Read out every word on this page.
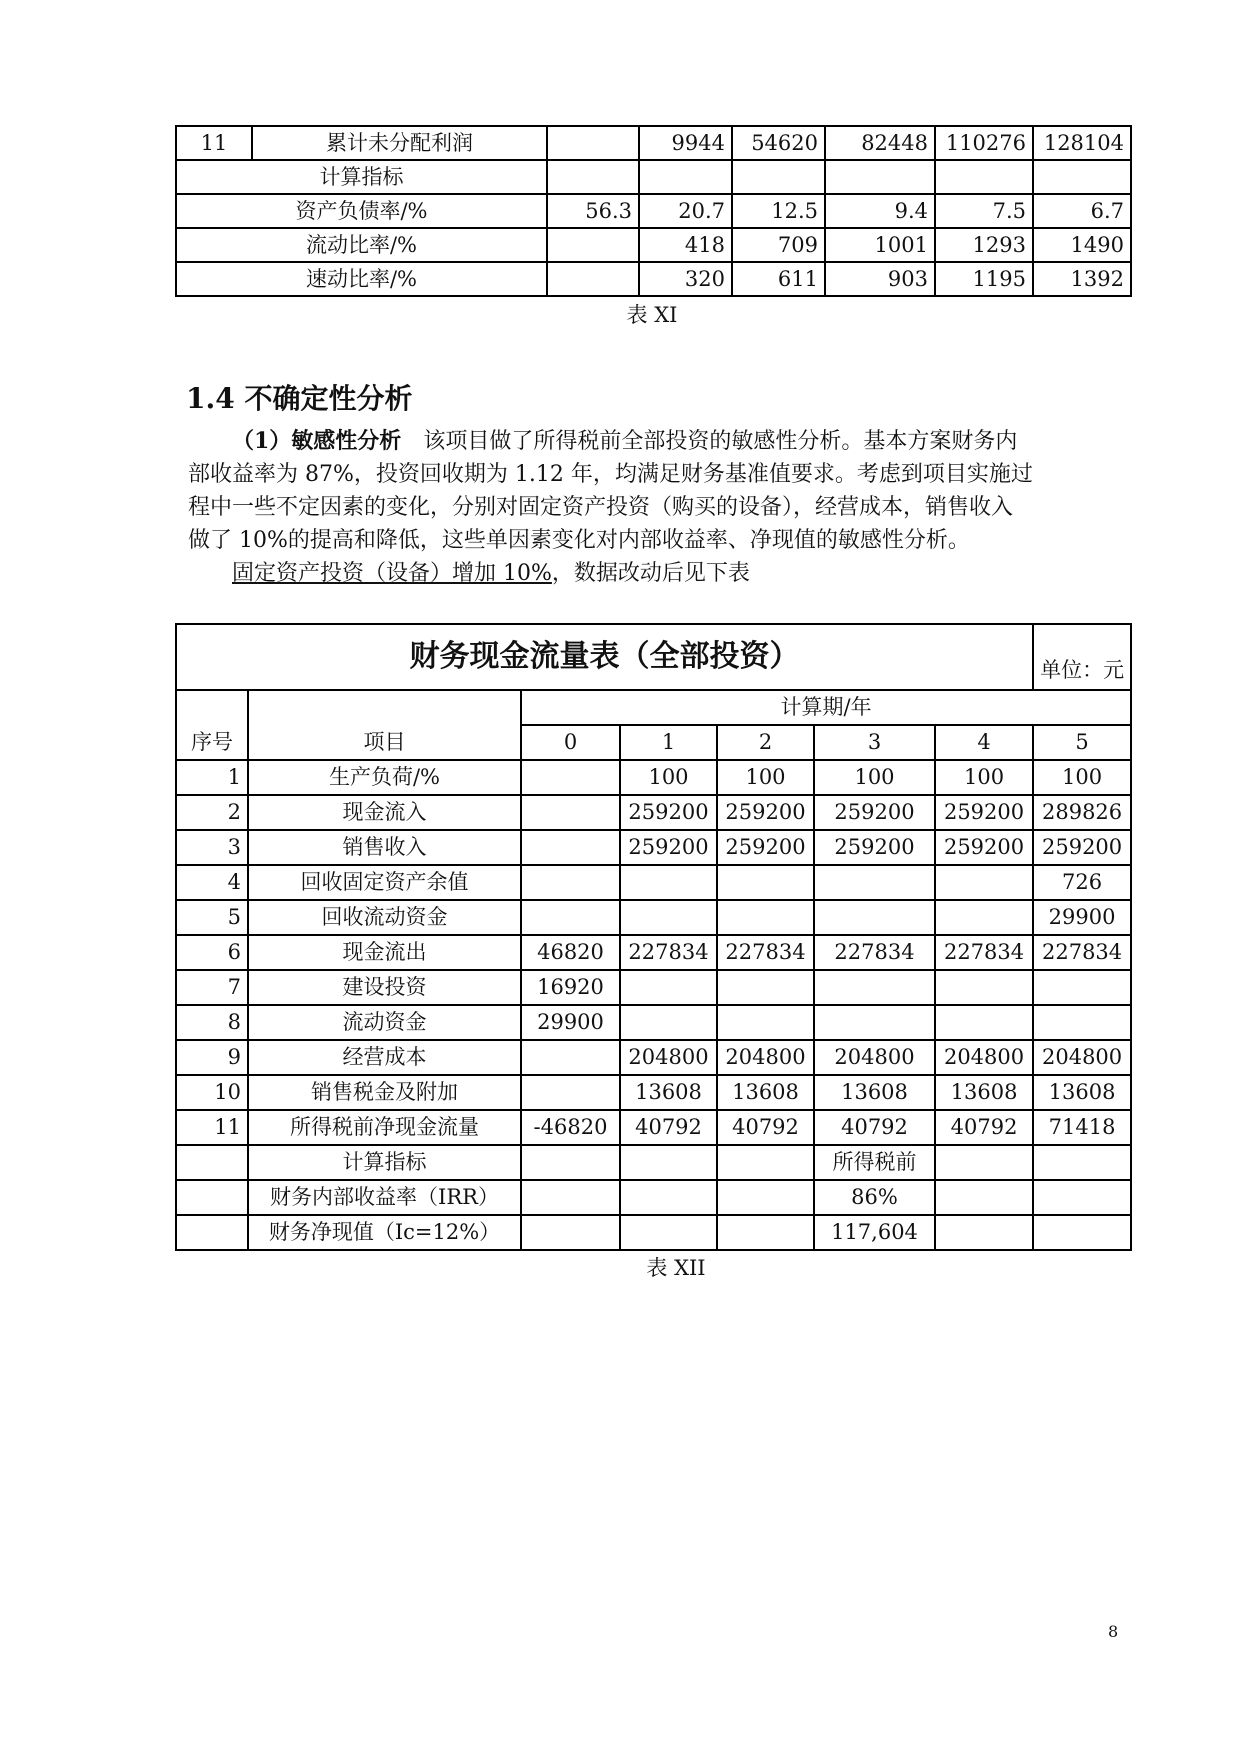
11	累计未分配利润		9944	54620	82448	110276	128104
计算指标							
资产负债率/%		56.3	20.7	12.5	9.4	7.5	6.7
流动比率/%			418	709	1001	1293	1490
速动比率/%			320	611	903	1195	1392
表 XI
1.4 不确定性分析

（1）敏感性分析　该项目做了所得税前全部投资的敏感性分析。基本方案财务内

部收益率为 87%，投资回收期为 1.12 年，均满足财务基准值要求。考虑到项目实施过

程中一些不定因素的变化，分别对固定资产投资（购买的设备），经营成本，销售收入

做了 10%的提高和降低，这些单因素变化对内部收益率、净现值的敏感性分析。

固定资产投资（设备）增加 10%，数据改动后见下表

财务现金流量表（全部投资）							单位：元
		计算期/年					
序号	项目	0	1	2	3	4	5
1	生产负荷/%		100	100	100	100	100
2	现金流入		259200	259200	259200	259200	289826
3	销售收入		259200	259200	259200	259200	259200
4	回收固定资产余值						726
5	回收流动资金						29900
6	现金流出	46820	227834	227834	227834	227834	227834
7	建设投资	16920					
8	流动资金	29900					
9	经营成本		204800	204800	204800	204800	204800
10	销售税金及附加		13608	13608	13608	13608	13608
11	所得税前净现金流量	-46820	40792	40792	40792	40792	71418
	计算指标				所得税前		
	财务内部收益率（IRR）				86%		
	财务净现值（Ic=12%）				117,604		
表 XII
8
